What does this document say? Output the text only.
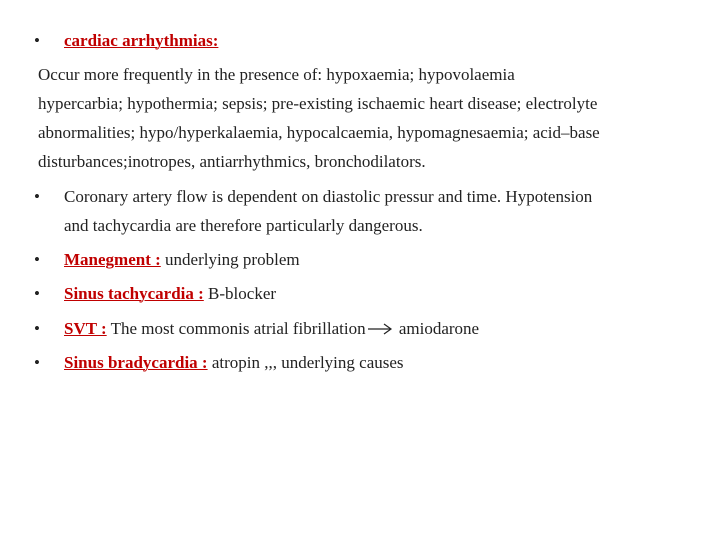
•	cardiac arrhythmias:
Occur more frequently in the presence of: hypoxaemia; hypovolaemia
hypercarbia; hypothermia; sepsis; pre-existing ischaemic heart disease; electrolyte
abnormalities; hypo/hyperkalaemia, hypocalcaemia, hypomagnesaemia; acid–base
disturbances;inotropes, antiarrhythmics, bronchodilators.
•	Coronary artery flow is dependent on diastolic pressur and time. Hypotension
and tachycardia are therefore particularly dangerous.
•	Manegment : underlying problem
•	Sinus tachycardia : B-blocker
•	SVT : The most commonis atrial fibrillation amiodarone
•	Sinus bradycardia : atropin ,,, underlying causes
